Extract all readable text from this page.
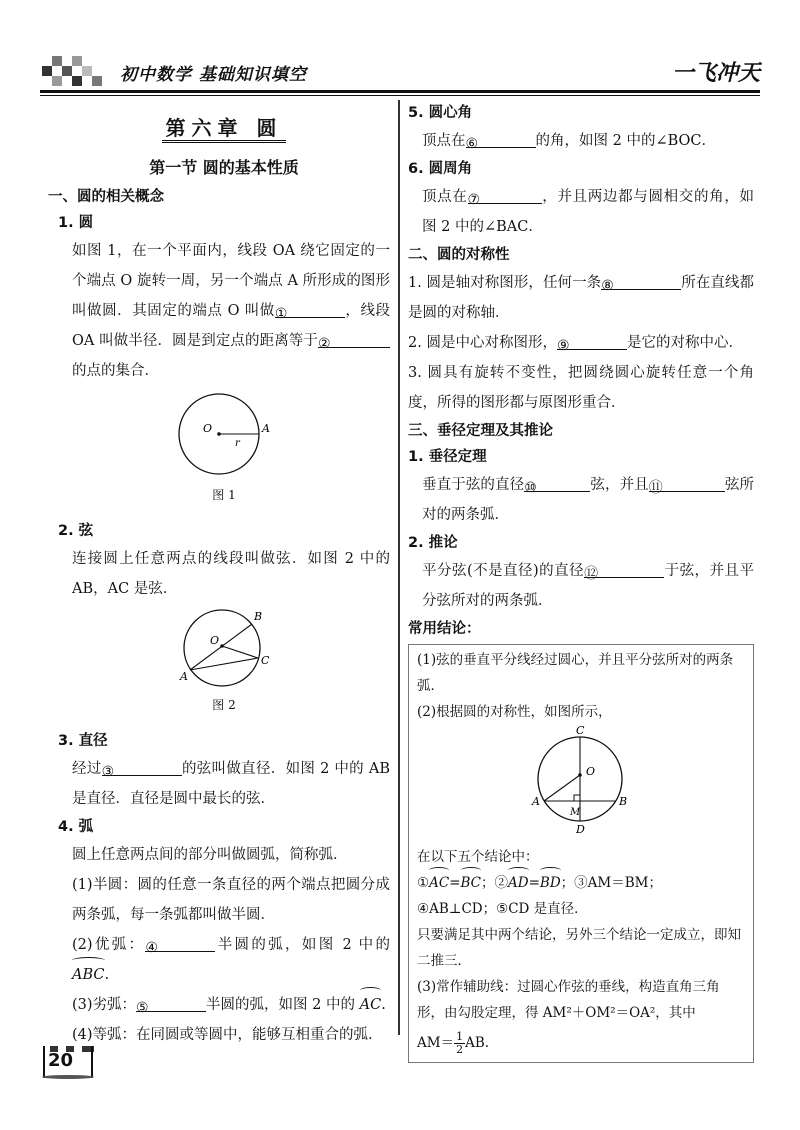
初中数学 基础知识填空	一飞冲天
第六章 圆
第一节 圆的基本性质
一、圆的相关概念
1. 圆
如图 1，在一个平面内，线段 OA 绕它固定的一个端点 O 旋转一周，另一个端点 A 所形成的图形叫做圆．其固定的端点 O 叫做①	，线段 OA 叫做半径．圆是到定点的距离等于②的点的集合．
O
r
A
图 1
2. 弦
连接圆上任意两点的线段叫做弦．如图 2 中的 AB，AC 是弦．
B
O
C
A
图 2
3. 直径
经过③	的弦叫做直径．如图 2 中的 AB 是直径．直径是圆中最长的弦．
4. 弧
圆上任意两点间的部分叫做圆弧，简称弧．
(1)半圆：圆的任意一条直径的两个端点把圆分成两条弧，每一条弧都叫做半圆．
(2)优弧：④	半圆的弧，如图 2 中的 ABC.
(3)劣弧：⑤	半圆的弧，如图 2 中的 AC.
(4)等弧：在同圆或等圆中，能够互相重合的弧．
5. 圆心角
顶点在⑥	的角，如图 2 中的∠BOC．
6. 圆周角
顶点在⑦	，并且两边都与圆相交的角，如图 2 中的∠BAC．
二、圆的对称性
1. 圆是轴对称图形，任何一条⑧	所在直线都是圆的对称轴．
2. 圆是中心对称图形，⑨	是它的对称中心．
3. 圆具有旋转不变性，把圆绕圆心旋转任意一个角度，所得的图形都与原图形重合．
三、垂径定理及其推论
1. 垂径定理
垂直于弦的直径⑩	弦，并且⑪	弦所对的两条弧．
2. 推论
平分弦(不是直径)的直径⑫	于弦，并且平分弦所对的两条弧．
常用结论：
(1)弦的垂直平分线经过圆心，并且平分弦所对的两条弧．
(2)根据圆的对称性，如图所示，
C
O
A
M
B
D
在以下五个结论中：
①AC=BC；②AD=BD；③AM＝BM；
④AB⊥CD；⑤CD 是直径．
只要满足其中两个结论，另外三个结论一定成立，即知二推三．
(3)常作辅助线：过圆心作弦的垂线，构造直角三角形，由勾股定理，得 AM²＋OM²＝OA²，其中
$AM= \frac{1}{2}$ AB.
20
